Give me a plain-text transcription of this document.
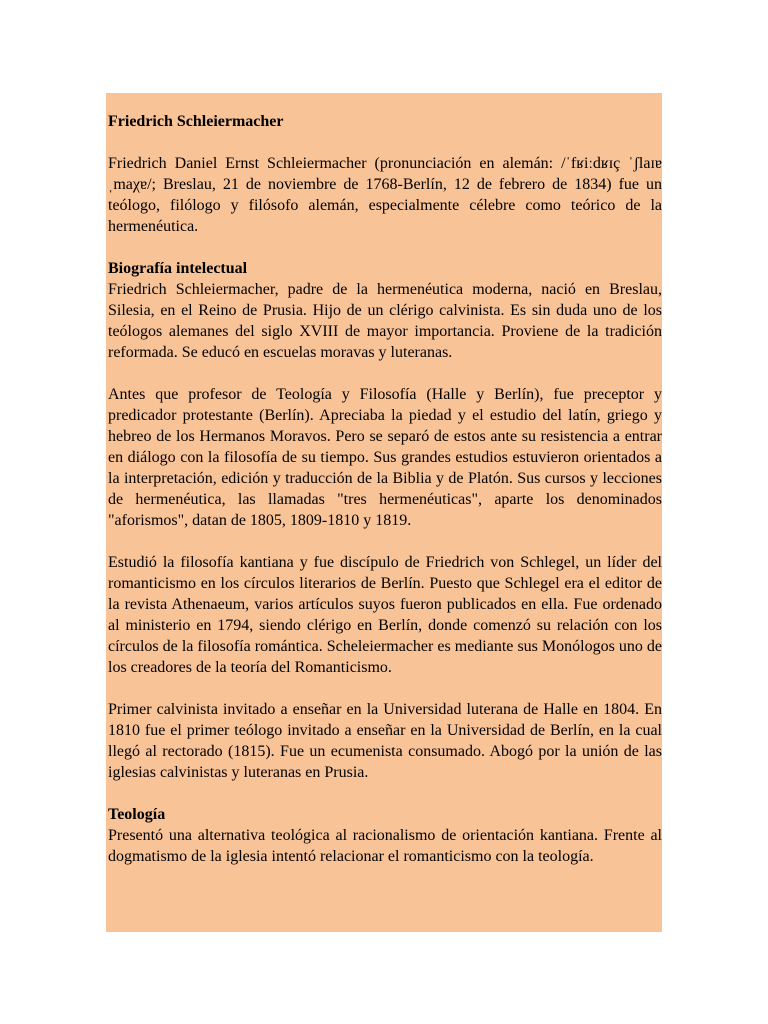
Friedrich Schleiermacher

Friedrich Daniel Ernst Schleiermacher (pronunciación en alemán: /ˈfʁiːdʁɪç ˈʃlaɪɐˌmaχɐ/; Breslau, 21 de noviembre de 1768-Berlín, 12 de febrero de 1834) fue un teólogo, filólogo y filósofo alemán, especialmente célebre como teórico de la hermenéutica.

Biografía intelectual

Friedrich Schleiermacher, padre de la hermenéutica moderna, nació en Breslau, Silesia, en el Reino de Prusia. Hijo de un clérigo calvinista. Es sin duda uno de los teólogos alemanes del siglo XVIII de mayor importancia. Proviene de la tradición reformada. Se educó en escuelas moravas y luteranas.

Antes que profesor de Teología y Filosofía (Halle y Berlín), fue preceptor y predicador protestante (Berlín). Apreciaba la piedad y el estudio del latín, griego y hebreo de los Hermanos Moravos. Pero se separó de estos ante su resistencia a entrar en diálogo con la filosofía de su tiempo. Sus grandes estudios estuvieron orientados a la interpretación, edición y traducción de la Biblia y de Platón. Sus cursos y lecciones de hermenéutica, las llamadas "tres hermenéuticas", aparte los denominados "aforismos", datan de 1805, 1809-1810 y 1819.

Estudió la filosofía kantiana y fue discípulo de Friedrich von Schlegel, un líder del romanticismo en los círculos literarios de Berlín. Puesto que Schlegel era el editor de la revista Athenaeum, varios artículos suyos fueron publicados en ella. Fue ordenado al ministerio en 1794, siendo clérigo en Berlín, donde comenzó su relación con los círculos de la filosofía romántica. Scheleiermacher es mediante sus Monólogos uno de los creadores de la teoría del Romanticismo.

Primer calvinista invitado a enseñar en la Universidad luterana de Halle en 1804. En 1810 fue el primer teólogo invitado a enseñar en la Universidad de Berlín, en la cual llegó al rectorado (1815). Fue un ecumenista consumado. Abogó por la unión de las iglesias calvinistas y luteranas en Prusia.

Teología

Presentó una alternativa teológica al racionalismo de orientación kantiana. Frente al dogmatismo de la iglesia intentó relacionar el romanticismo con la teología.
